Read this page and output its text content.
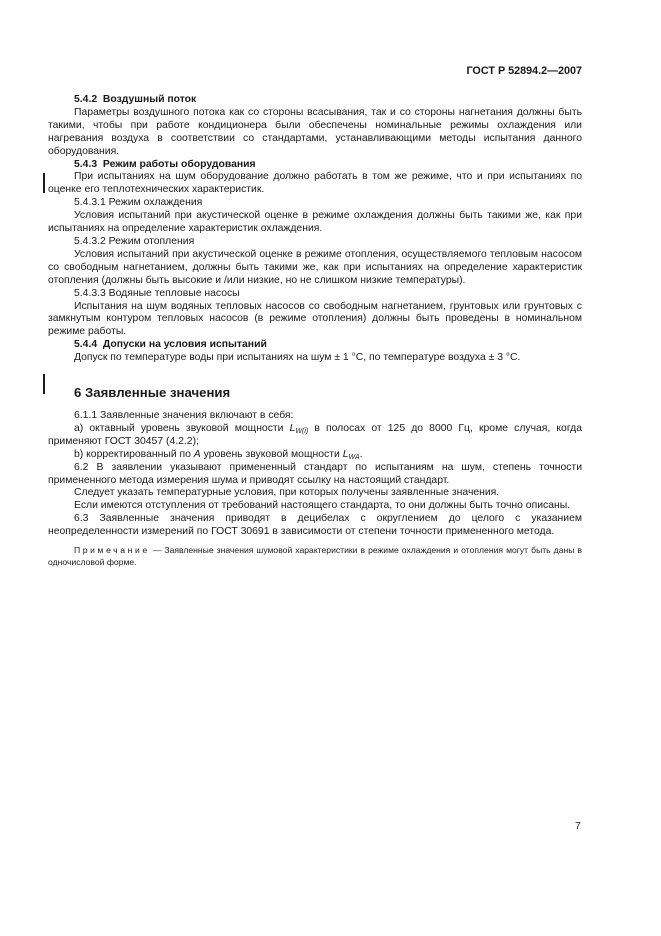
ГОСТ Р 52894.2—2007

5.4.2 Воздушный поток

Параметры воздушного потока как со стороны всасывания, так и со стороны нагнетания должны быть такими, чтобы при работе кондиционера были обеспечены номинальные режимы охлаждения или нагревания воздуха в соответствии со стандартами, устанавливающими методы испытания данного оборудования.

5.4.3 Режим работы оборудования

При испытаниях на шум оборудование должно работать в том же режиме, что и при испытаниях по оценке его теплотехнических характеристик.

5.4.3.1 Режим охлаждения

Условия испытаний при акустической оценке в режиме охлаждения должны быть такими же, как при испытаниях на определение характеристик охлаждения.

5.4.3.2 Режим отопления

Условия испытаний при акустической оценке в режиме отопления, осуществляемого тепловым насосом со свободным нагнетанием, должны быть такими же, как при испытаниях на определение характеристик отопления (должны быть высокие и /или низкие, но не слишком низкие температуры).

5.4.3.3 Водяные тепловые насосы

Испытания на шум водяных тепловых насосов со свободным нагнетанием, грунтовых или грунтовых с замкнутым контуром тепловых насосов (в режиме отопления) должны быть проведены в номинальном режиме работы.

5.4.4 Допуски на условия испытаний

Допуск по температуре воды при испытаниях на шум ± 1 °С, по температуре воздуха ± 3 °С.

6 Заявленные значения

6.1.1 Заявленные значения включают в себя:

a) октавный уровень звуковой мощности $L_{W(i)}$ в полосах от 125 до 8000 Гц, кроме случая, когда применяют ГОСТ 30457 (4.2.2);

b) корректированный по A уровень звуковой мощности $L_{WA}$.

6.2 В заявлении указывают примененный стандарт по испытаниям на шум, степень точности примененного метода измерения шума и приводят ссылку на настоящий стандарт.

Следует указать температурные условия, при которых получены заявленные значения.

Если имеются отступления от требований настоящего стандарта, то они должны быть точно описаны.

6.3 Заявленные значения приводят в децибелах с округлением до целого с указанием неопределенности измерений по ГОСТ 30691 в зависимости от степени точности примененного метода.

Примечание — Заявленные значения шумовой характеристики в режиме охлаждения и отопления могут быть даны в одночисловой форме.

7
